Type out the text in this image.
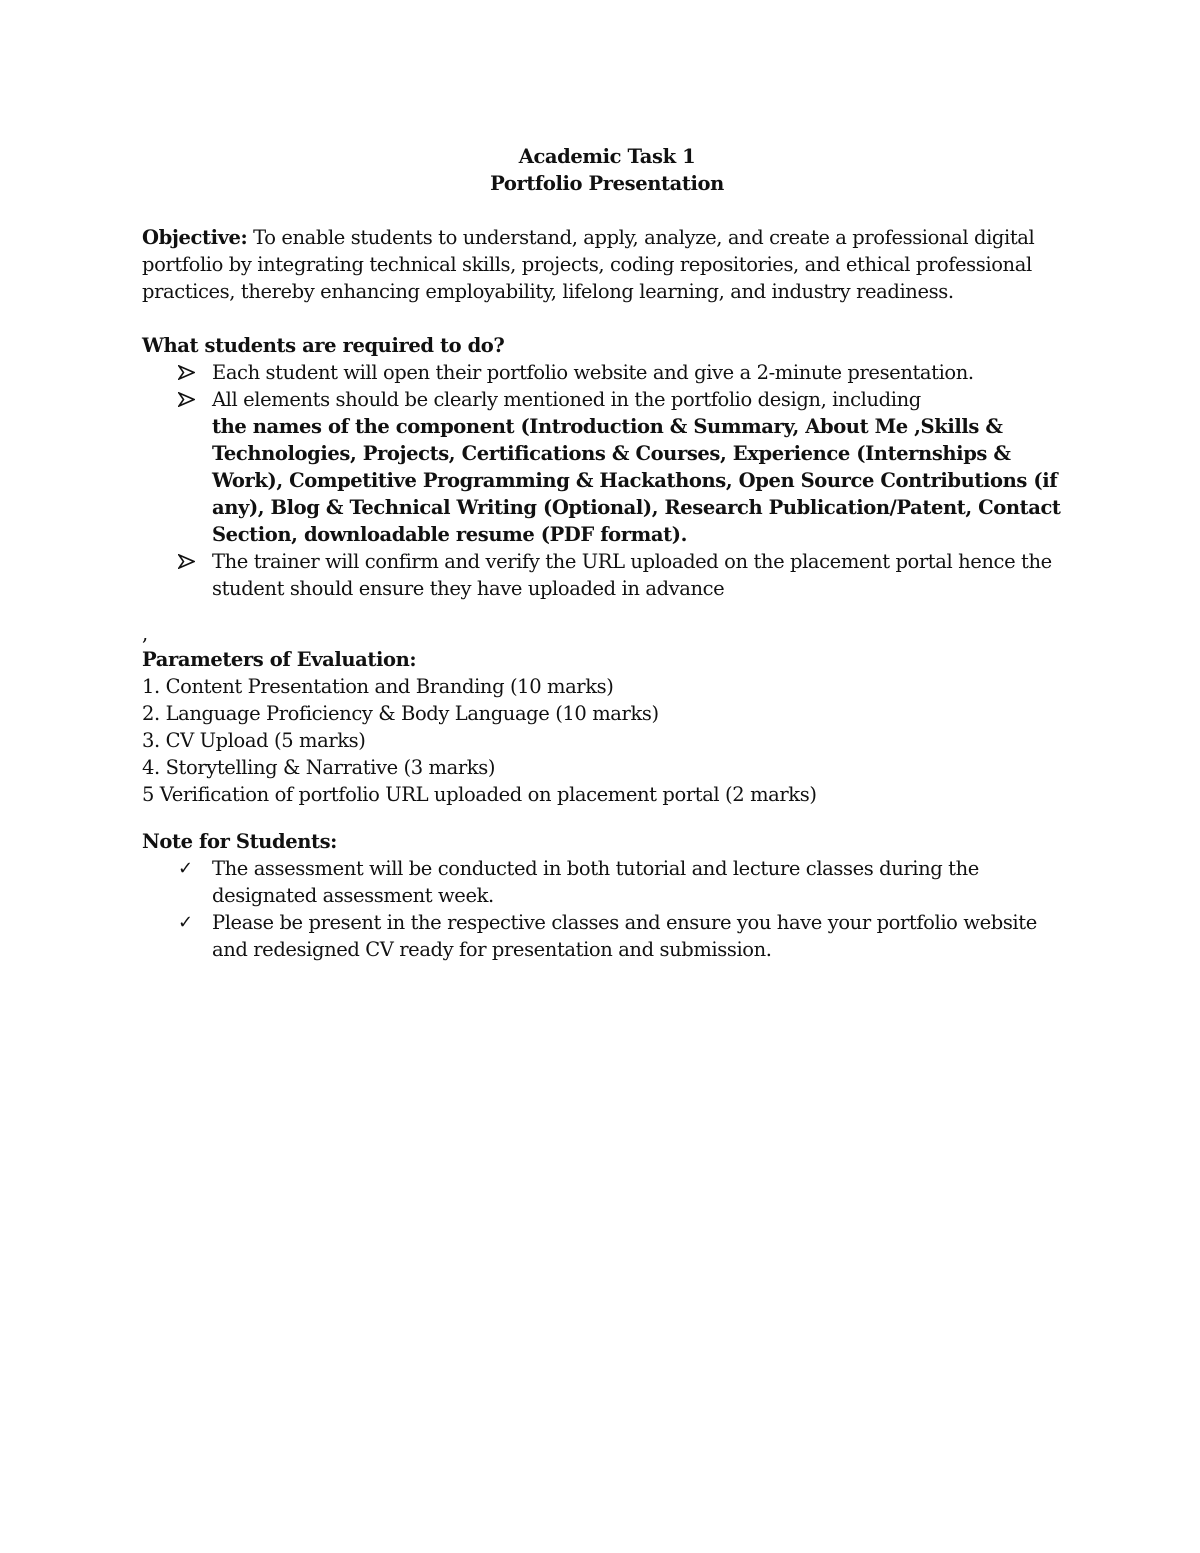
Academic Task 1

Portfolio Presentation

Objective: To enable students to understand, apply, analyze, and create a professional digital portfolio by integrating technical skills, projects, coding repositories, and ethical professional practices, thereby enhancing employability, lifelong learning, and industry readiness.

What students are required to do?

Each student will open their portfolio website and give a 2-minute presentation.
All elements should be clearly mentioned in the portfolio design, including
the names of the component (Introduction & Summary, About Me ,Skills & Technologies, Projects, Certifications & Courses, Experience (Internships & Work), Competitive Programming & Hackathons, Open Source Contributions (if any), Blog & Technical Writing (Optional), Research Publication/Patent, Contact Section, downloadable resume (PDF format).
The trainer will confirm and verify the URL uploaded on the placement portal hence the student should ensure they have uploaded in advance

,

Parameters of Evaluation:

1. Content Presentation and Branding (10 marks)
2. Language Proficiency & Body Language (10 marks)
3. CV Upload (5 marks)
4. Storytelling & Narrative (3 marks)
5 Verification of portfolio URL uploaded on placement portal (2 marks)

Note for Students:

✓ The assessment will be conducted in both tutorial and lecture classes during the designated assessment week.
✓ Please be present in the respective classes and ensure you have your portfolio website and redesigned CV ready for presentation and submission.
